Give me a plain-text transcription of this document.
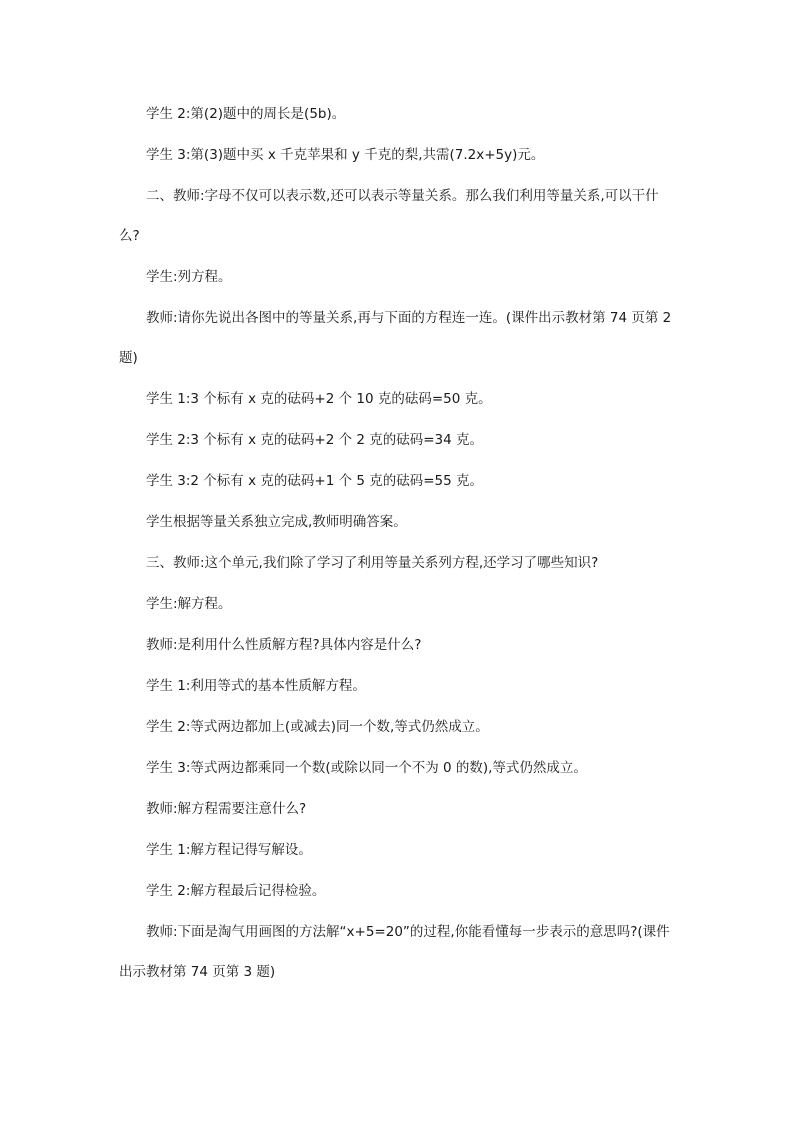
学生 2:第(2)题中的周长是(5b)。

学生 3:第(3)题中买 x 千克苹果和 y 千克的梨,共需(7.2x+5y)元。

二、教师:字母不仅可以表示数,还可以表示等量关系。那么我们利用等量关系,可以干什么?

学生:列方程。

教师:请你先说出各图中的等量关系,再与下面的方程连一连。(课件出示教材第 74 页第 2 题)

学生 1:3 个标有 x 克的砝码+2 个 10 克的砝码=50 克。

学生 2:3 个标有 x 克的砝码+2 个 2 克的砝码=34 克。

学生 3:2 个标有 x 克的砝码+1 个 5 克的砝码=55 克。

学生根据等量关系独立完成,教师明确答案。

三、教师:这个单元,我们除了学习了利用等量关系列方程,还学习了哪些知识?

学生:解方程。

教师:是利用什么性质解方程?具体内容是什么?

学生 1:利用等式的基本性质解方程。

学生 2:等式两边都加上(或减去)同一个数,等式仍然成立。

学生 3:等式两边都乘同一个数(或除以同一个不为 0 的数),等式仍然成立。

教师:解方程需要注意什么?

学生 1:解方程记得写解设。

学生 2:解方程最后记得检验。

教师:下面是淘气用画图的方法解“x+5=20”的过程,你能看懂每一步表示的意思吗?(课件出示教材第 74 页第 3 题)
